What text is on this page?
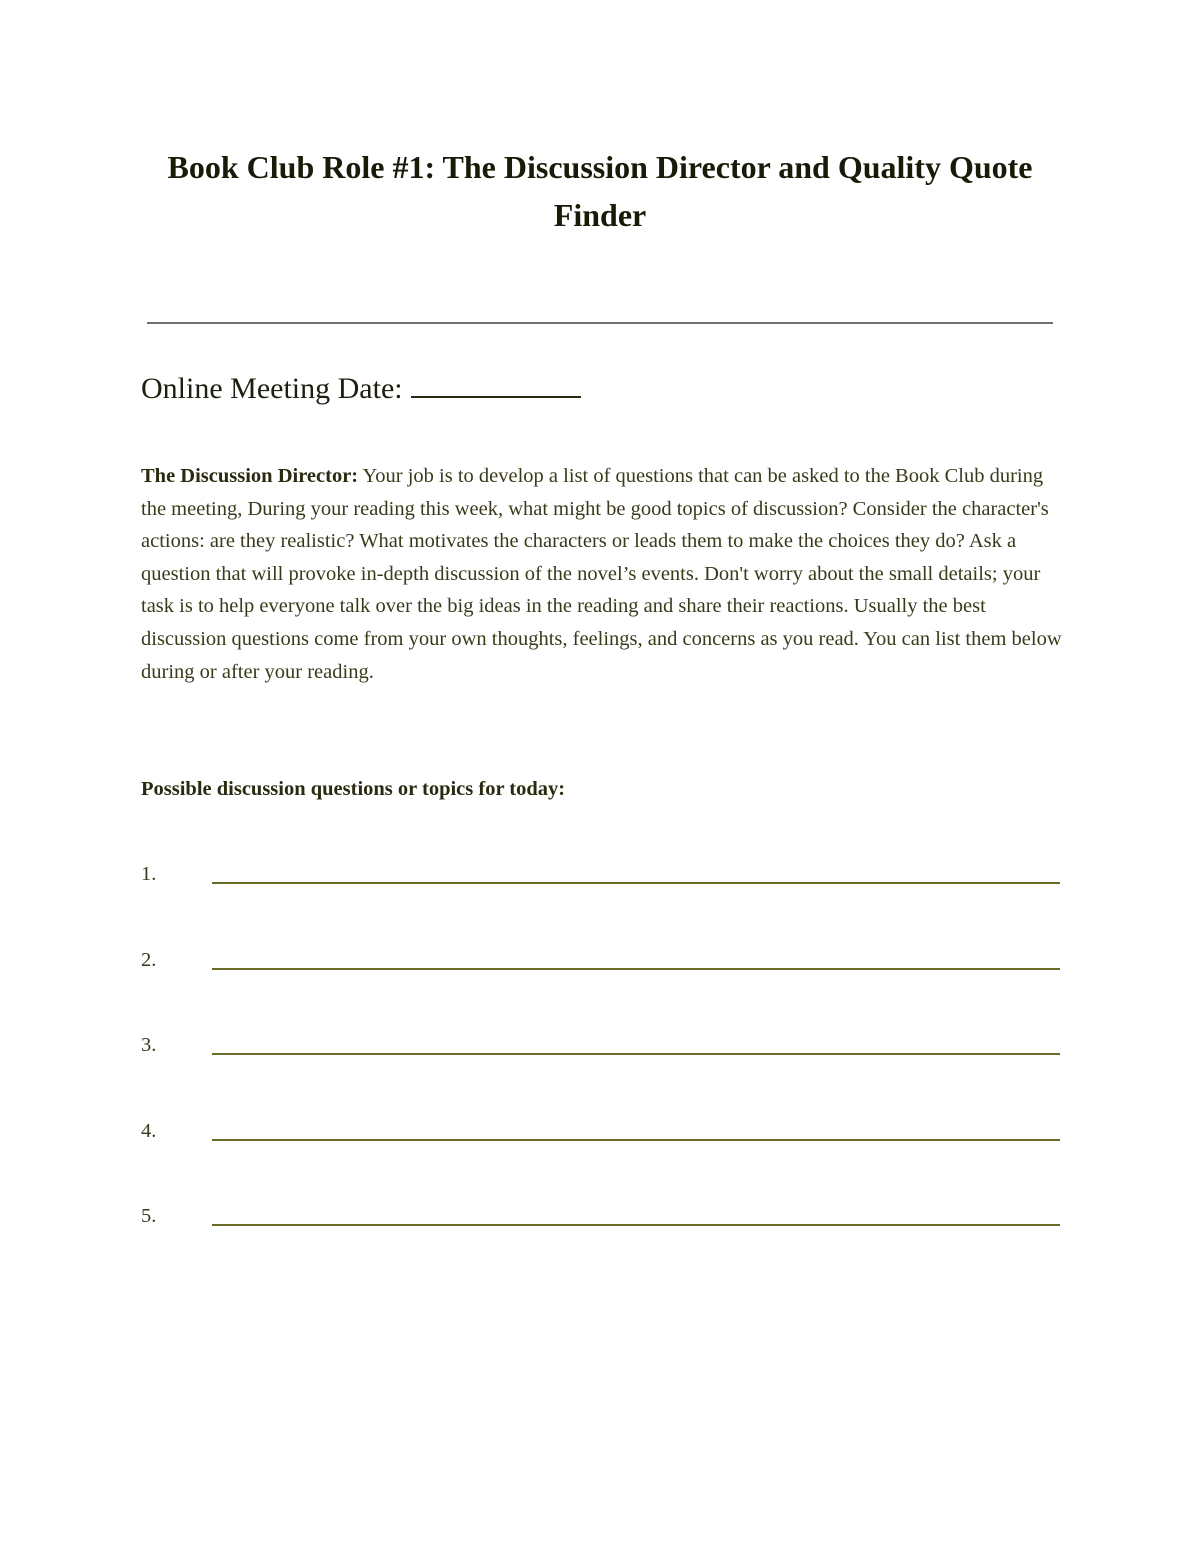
Book Club Role #1: The Discussion Director and Quality Quote Finder
Online Meeting Date:
The Discussion Director: Your job is to develop a list of questions that can be asked to the Book Club during the meeting, During your reading this week, what might be good topics of discussion? Consider the character's actions: are they realistic? What motivates the characters or leads them to make the choices they do? Ask a question that will provoke in-depth discussion of the novel’s events. Don't worry about the small details; your task is to help everyone talk over the big ideas in the reading and share their reactions. Usually the best discussion questions come from your own thoughts, feelings, and concerns as you read. You can list them below during or after your reading.
Possible discussion questions or topics for today:
1.
2.
3.
4.
5.
